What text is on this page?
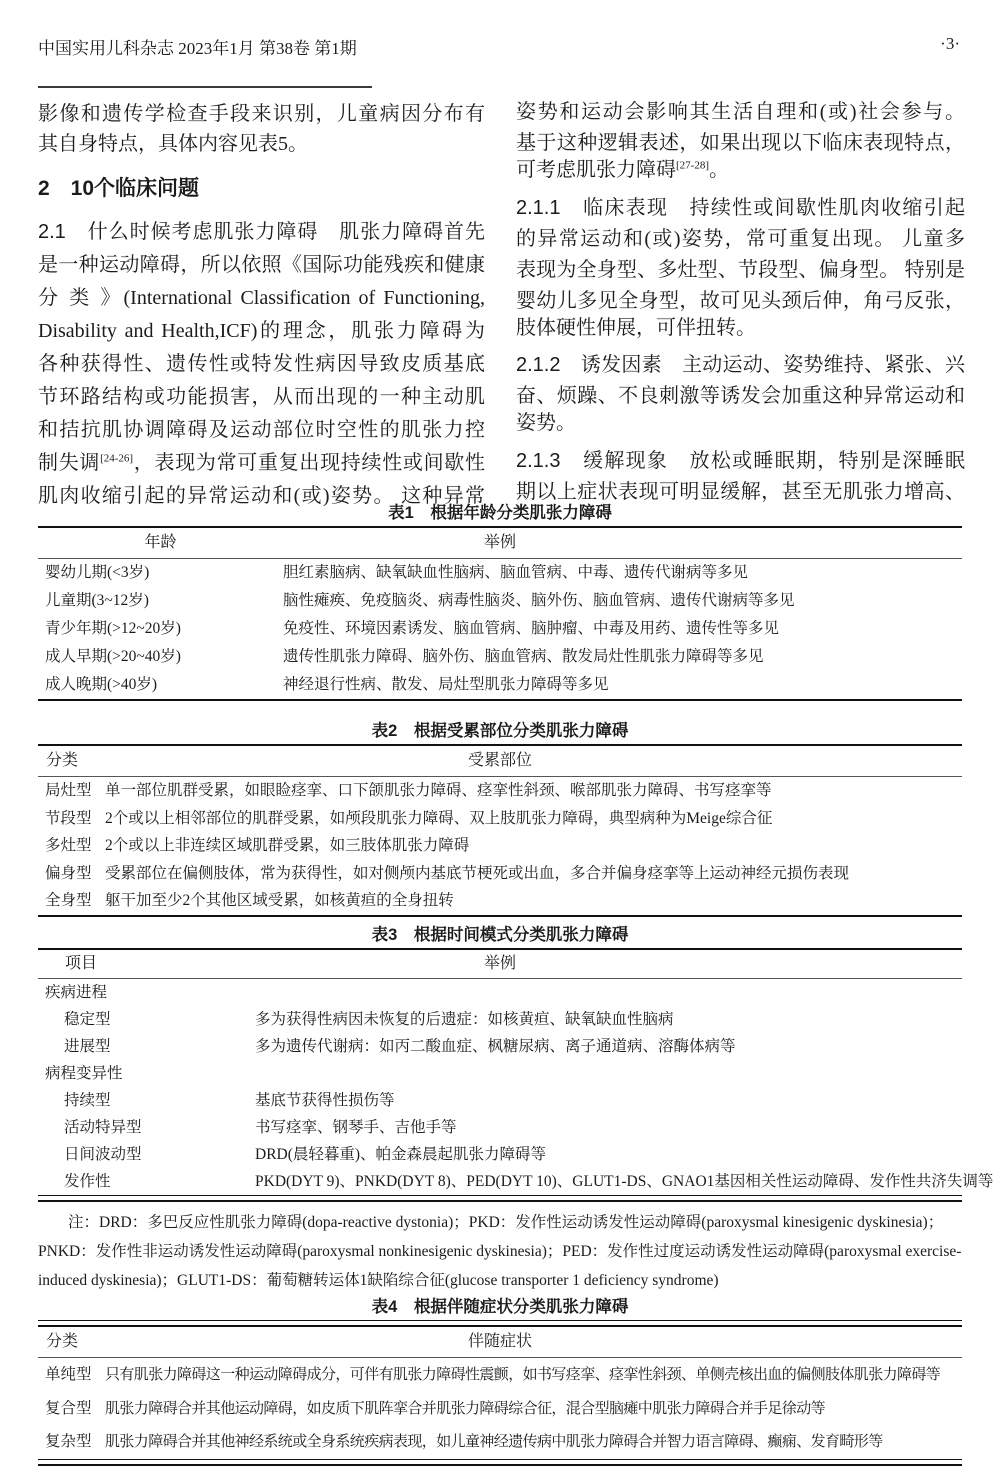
中国实用儿科杂志 2023年1月 第38卷 第1期	·3·
影像和遗传学检查手段来识别，儿童病因分布有
其自身特点，具体内容见表5。
2　10个临床问题
2.1　什么时候考虑肌张力障碍　肌张力障碍首先
是一种运动障碍，所以依照《国际功能残疾和健康
分 类 》(International Classification of Functioning,
Disability and Health,ICF)的理念，肌张力障碍为
各种获得性、遗传性或特发性病因导致皮质基底
节环路结构或功能损害，从而出现的一种主动肌
和拮抗肌协调障碍及运动部位时空性的肌张力控
制失调[24-26]，表现为常可重复出现持续性或间歇性
肌肉收缩引起的异常运动和(或)姿势。 这种异常
姿势和运动会影响其生活自理和(或)社会参与。
基于这种逻辑表述，如果出现以下临床表现特点，
可考虑肌张力障碍[27-28]。
2.1.1　临床表现　持续性或间歇性肌肉收缩引起
的异常运动和(或)姿势，常可重复出现。 儿童多
表现为全身型、多灶型、节段型、偏身型。 特别是
婴幼儿多见全身型，故可见头颈后伸，角弓反张，
肢体硬性伸展，可伴扭转。
2.1.2　诱发因素　主动运动、姿势维持、紧张、兴
奋、烦躁、不良刺激等诱发会加重这种异常运动和
姿势。
2.1.3　缓解现象　放松或睡眠期，特别是深睡眠
期以上症状表现可明显缓解，甚至无肌张力增高、
表1　根据年龄分类肌张力障碍
年龄	举例
婴幼儿期(<3岁)	胆红素脑病、缺氧缺血性脑病、脑血管病、中毒、遗传代谢病等多见
儿童期(3~12岁)	脑性瘫痪、免疫脑炎、病毒性脑炎、脑外伤、脑血管病、遗传代谢病等多见
青少年期(>12~20岁)	免疫性、环境因素诱发、脑血管病、脑肿瘤、中毒及用药、遗传性等多见
成人早期(>20~40岁)	遗传性肌张力障碍、脑外伤、脑血管病、散发局灶性肌张力障碍等多见
成人晚期(>40岁)	神经退行性病、散发、局灶型肌张力障碍等多见
表2　根据受累部位分类肌张力障碍
分类	受累部位
局灶型 单一部位肌群受累，如眼睑痉挛、口下颌肌张力障碍、痉挛性斜颈、喉部肌张力障碍、书写痉挛等
节段型 2个或以上相邻部位的肌群受累，如颅段肌张力障碍、双上肢肌张力障碍，典型病种为Meige综合征
多灶型 2个或以上非连续区域肌群受累，如三肢体肌张力障碍
偏身型 受累部位在偏侧肢体，常为获得性，如对侧颅内基底节梗死或出血，多合并偏身痉挛等上运动神经元损伤表现
全身型 躯干加至少2个其他区域受累，如核黄疸的全身扭转
表3　根据时间模式分类肌张力障碍
项目	举例
疾病进程
稳定型	多为获得性病因未恢复的后遗症：如核黄疸、缺氧缺血性脑病
进展型	多为遗传代谢病：如丙二酸血症、枫糖尿病、离子通道病、溶酶体病等
病程变异性
持续型	基底节获得性损伤等
活动特异型	书写痉挛、钢琴手、吉他手等
日间波动型	DRD(晨轻暮重)、帕金森晨起肌张力障碍等
发作性	PKD(DYT 9)、PNKD(DYT 8)、PED(DYT 10)、GLUT1-DS、GNAO1基因相关性运动障碍、发作性共济失调等
注：DRD：多巴反应性肌张力障碍(dopa-reactive dystonia)；PKD：发作性运动诱发性运动障碍(paroxysmal kinesigenic dyskinesia)；
PNKD：发作性非运动诱发性运动障碍(paroxysmal nonkinesigenic dyskinesia)；PED：发作性过度运动诱发性运动障碍(paroxysmal exercise-
induced dyskinesia)；GLUT1-DS：葡萄糖转运体1缺陷综合征(glucose transporter 1 deficiency syndrome)
表4　根据伴随症状分类肌张力障碍
分类	伴随症状
单纯型 只有肌张力障碍这一种运动障碍成分，可伴有肌张力障碍性震颤，如书写痉挛、痉挛性斜颈、单侧壳核出血的偏侧肢体肌张力障碍等
复合型 肌张力障碍合并其他运动障碍，如皮质下肌阵挛合并肌张力障碍综合征，混合型脑瘫中肌张力障碍合并手足徐动等
复杂型 肌张力障碍合并其他神经系统或全身系统疾病表现，如儿童神经遗传病中肌张力障碍合并智力语言障碍、癫痫、发育畸形等
